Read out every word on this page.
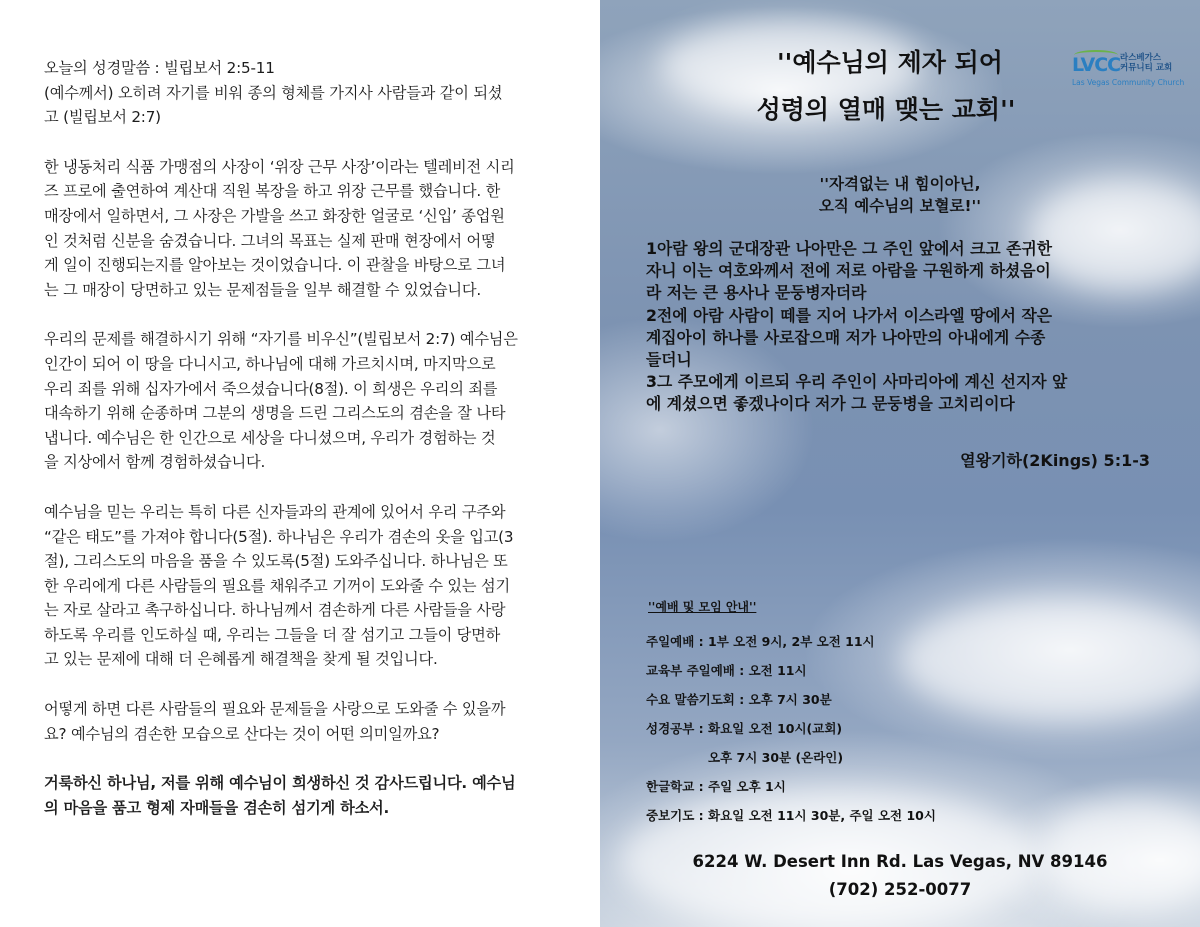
오늘의 성경말씀 : 빌립보서 2:5-11
(예수께서) 오히려 자기를 비워 종의 형체를 가지사 사람들과 같이 되셨
고 (빌립보서 2:7)

한 냉동처리 식품 가맹점의 사장이 ‘위장 근무 사장’이라는 텔레비전 시리
즈 프로에 출연하여 계산대 직원 복장을 하고 위장 근무를 했습니다. 한
매장에서 일하면서, 그 사장은 가발을 쓰고 화장한 얼굴로 ‘신입’ 종업원
인 것처럼 신분을 숨겼습니다. 그녀의 목표는 실제 판매 현장에서 어떻
게 일이 진행되는지를 알아보는 것이었습니다. 이 관찰을 바탕으로 그녀
는 그 매장이 당면하고 있는 문제점들을 일부 해결할 수 있었습니다.

우리의 문제를 해결하시기 위해 “자기를 비우신”(빌립보서 2:7) 예수님은
인간이 되어 이 땅을 다니시고, 하나님에 대해 가르치시며, 마지막으로
우리 죄를 위해 십자가에서 죽으셨습니다(8절). 이 희생은 우리의 죄를
대속하기 위해 순종하며 그분의 생명을 드린 그리스도의 겸손을 잘 나타
냅니다. 예수님은 한 인간으로 세상을 다니셨으며, 우리가 경험하는 것
을 지상에서 함께 경험하셨습니다.

예수님을 믿는 우리는 특히 다른 신자들과의 관계에 있어서 우리 구주와
“같은 태도”를 가져야 합니다(5절). 하나님은 우리가 겸손의 옷을 입고(3
절), 그리스도의 마음을 품을 수 있도록(5절) 도와주십니다. 하나님은 또
한 우리에게 다른 사람들의 필요를 채워주고 기꺼이 도와줄 수 있는 섬기
는 자로 살라고 촉구하십니다. 하나님께서 겸손하게 다른 사람들을 사랑
하도록 우리를 인도하실 때, 우리는 그들을 더 잘 섬기고 그들이 당면하
고 있는 문제에 대해 더 은혜롭게 해결책을 찾게 될 것입니다.

어떻게 하면 다른 사람들의 필요와 문제들을 사랑으로 도와줄 수 있을까
요? 예수님의 겸손한 모습으로 산다는 것이 어떤 의미일까요?

거룩하신 하나님, 저를 위해 예수님이 희생하신 것 감사드립니다. 예수님
의 마음을 품고 형제 자매들을 겸손히 섬기게 하소서.

''예수님의 제자 되어
성령의 열매 맺는 교회''
LVCC 라스베가스
커뮤니티 교회
Las Vegas Community Church
''자격없는 내 힘이아닌,
오직 예수님의 보혈로!''
1아람 왕의 군대장관 나아만은 그 주인 앞에서 크고 존귀한
자니 이는 여호와께서 전에 저로 아람을 구원하게 하셨음이
라 저는 큰 용사나 문둥병자더라
2전에 아람 사람이 떼를 지어 나가서 이스라엘 땅에서 작은
계집아이 하나를 사로잡으매 저가 나아만의 아내에게 수종
들더니
3그 주모에게 이르되 우리 주인이 사마리아에 계신 선지자 앞
에 계셨으면 좋겠나이다 저가 그 문둥병을 고치리이다
열왕기하(2Kings) 5:1-3
''예배 및 모임 안내''
주일예배 : 1부 오전 9시, 2부 오전 11시
교육부 주일예배 : 오전 11시
수요 말씀기도회 : 오후 7시 30분
성경공부 : 화요일 오전 10시(교회)
오후 7시 30분 (온라인)
한글학교 : 주일 오후 1시
중보기도 : 화요일 오전 11시 30분, 주일 오전 10시
6224 W. Desert Inn Rd. Las Vegas, NV 89146
(702) 252-0077
